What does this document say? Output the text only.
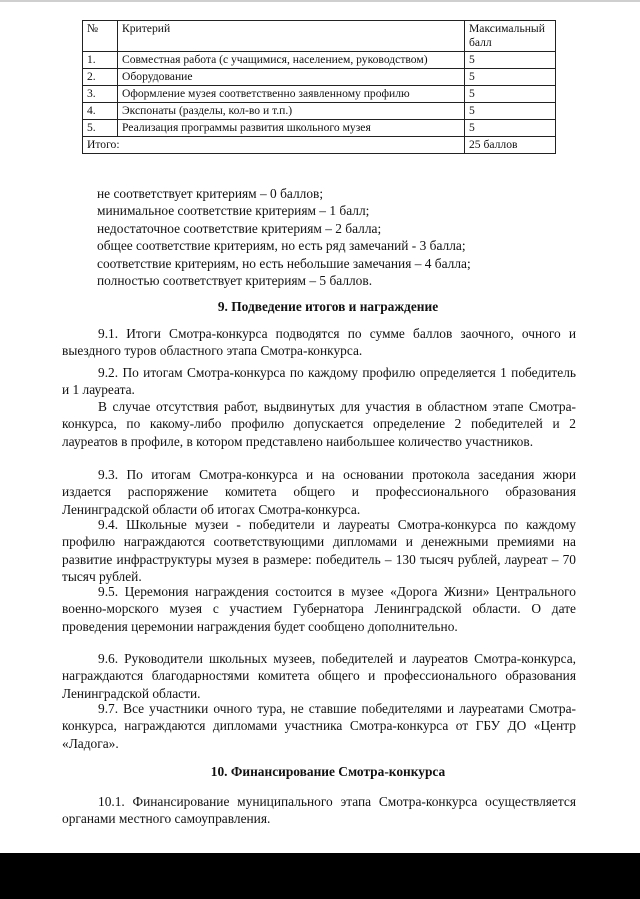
№	Критерий	Максимальный балл
1.	Совместная работа (с учащимися, населением, руководством)	5
2.	Оборудование	5
3.	Оформление музея соответственно заявленному профилю	5
4.	Экспонаты (разделы, кол-во и т.п.)	5
5.	Реализация программы развития школьного музея	5
Итого:		25 баллов
не соответствует критериям – 0 баллов;
минимальное соответствие критериям – 1 балл;
недостаточное соответствие критериям – 2 балла;
общее соответствие критериям, но есть ряд замечаний - 3 балла;
соответствие критериям, но есть небольшие замечания – 4 балла;
полностью соответствует критериям – 5 баллов.
9. Подведение итогов и награждение
9.1. Итоги Смотра-конкурса подводятся по сумме баллов заочного, очного и выездного туров областного этапа Смотра-конкурса.
9.2. По итогам Смотра-конкурса по каждому профилю определяется 1 победитель и 1 лауреата.
В случае отсутствия работ, выдвинутых для участия в областном этапе Смотра-конкурса, по какому-либо профилю допускается определение 2 победителей и 2 лауреатов в профиле, в котором представлено наибольшее количество участников.
9.3. По итогам Смотра-конкурса и на основании протокола заседания жюри издается распоряжение комитета общего и профессионального образования Ленинградской области об итогах Смотра-конкурса.
9.4. Школьные музеи - победители и лауреаты Смотра-конкурса по каждому профилю награждаются соответствующими дипломами и денежными премиями на развитие инфраструктуры музея в размере: победитель – 130 тысяч рублей, лауреат – 70 тысяч рублей.
9.5. Церемония награждения состоится в музее «Дорога Жизни» Центрального военно-морского музея с участием Губернатора Ленинградской области. О дате проведения церемонии награждения будет сообщено дополнительно.
9.6. Руководители школьных музеев, победителей и лауреатов Смотра-конкурса, награждаются благодарностями комитета общего и профессионального образования Ленинградской области.
9.7. Все участники очного тура, не ставшие победителями и лауреатами Смотра-конкурса, награждаются дипломами участника Смотра-конкурса от ГБУ ДО «Центр «Ладога».
10. Финансирование Смотра-конкурса
10.1. Финансирование муниципального этапа Смотра-конкурса осуществляется органами местного самоуправления.
